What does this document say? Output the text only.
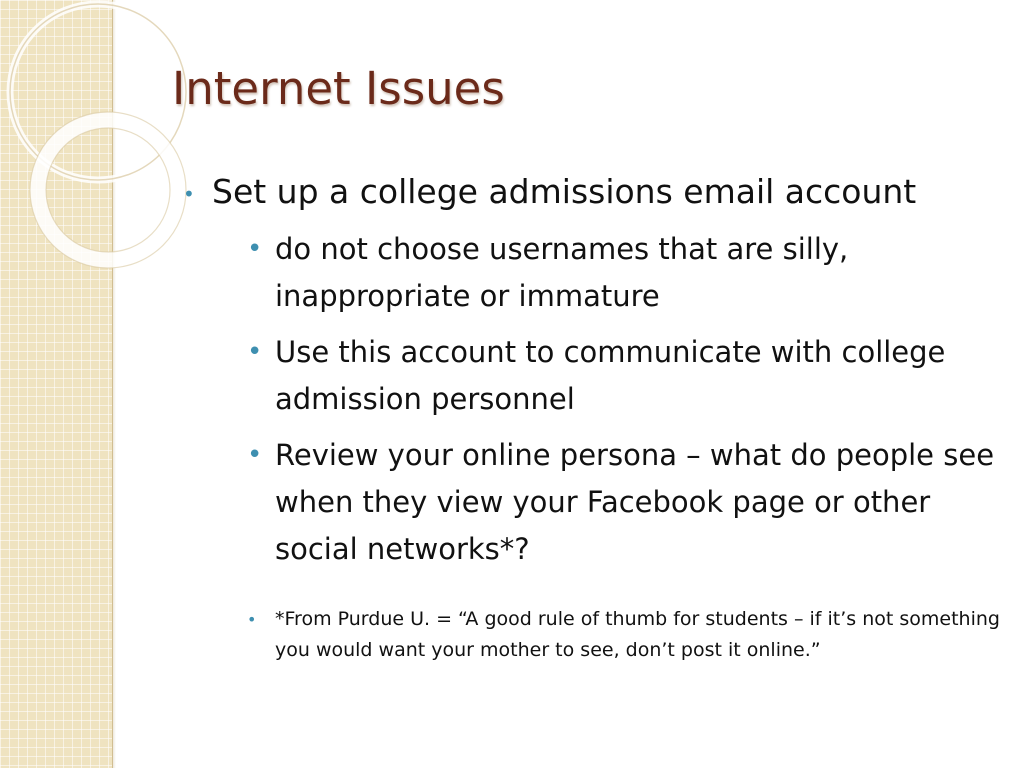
Internet Issues
• Set up a college admissions email account
• do not choose usernames that are silly, inappropriate or immature
• Use this account to communicate with college admission personnel
• Review your online persona – what do people see when they view your Facebook page or other social networks*?
• *From Purdue U. = “A good rule of thumb for students – if it’s not something you would want your mother to see, don’t post it online.”
